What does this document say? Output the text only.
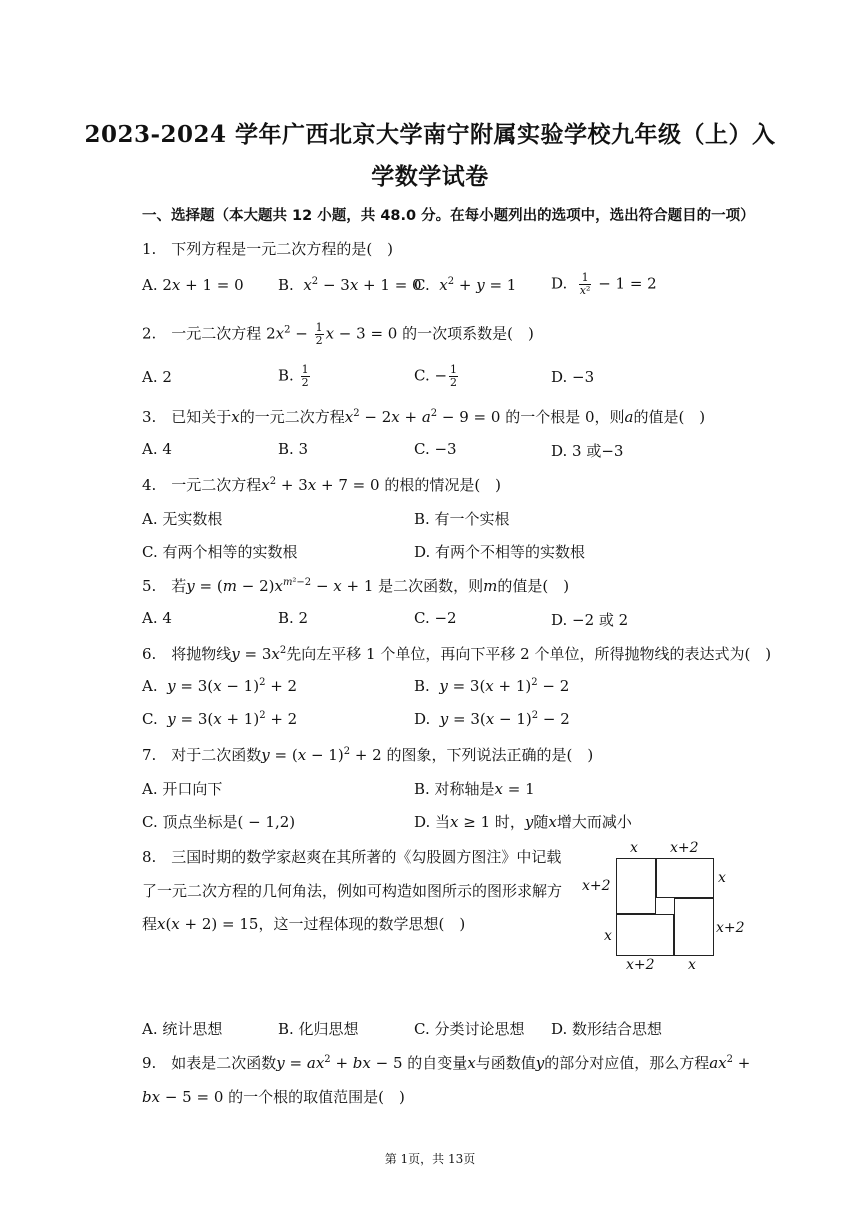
2023-2024 学年广西北京大学南宁附属实验学校九年级（上）入
学数学试卷
一、选择题（本大题共 12 小题，共 48.0 分。在每小题列出的选项中，选出符合题目的一项）
1.　下列方程是一元二次方程的是(　)
A. 2𝑥 + 1 = 0 B.  𝑥$^2$ − 3𝑥 + 1 = 0
C.  𝑥$^2$ + 𝑦 = 1 D. $\frac{1}{\text{𝑥²}} - 1 = 2$
2.　一元二次方程 2𝑥$^2$ − $\frac{1}{2}$ 𝑥 − 3 = 0 的一次项系数是(　)
A. 2	B. $\frac{1}{2}$	C. − $\frac{1}{2}$	D. −3
3.　已知关于𝑥的一元二次方程𝑥$^2$ − 2𝑥 + 𝑎$^2$ − 9 = 0 的一个根是 0，则𝑎的值是(　)
A. 4	B. 3	C. −3	D. 3 或−3
4.　一元二次方程𝑥$^2$ + 3𝑥 + 7 = 0 的根的情况是(　)
A. 无实数根	B. 有一个实根
C. 有两个相等的实数根	D. 有两个不相等的实数根
5.　若𝑦 = (𝑚 − 2)𝑥$^{𝑚^2-2}$ − 𝑥 + 1 是二次函数，则𝑚的值是(　)
A. 4	B. 2	C. −2	D. −2 或 2
6.　将抛物线𝑦 = 3𝑥$^2$先向左平移 1 个单位，再向下平移 2 个单位，所得抛物线的表达式为(　)
A.  𝑦 = 3(𝑥 − 1)$^2$ + 2	B.  𝑦 = 3(𝑥 + 1)$^2$ − 2
C.  𝑦 = 3(𝑥 + 1)$^2$ + 2	D.  𝑦 = 3(𝑥 − 1)$^2$ − 2
7.　对于二次函数𝑦 = (𝑥 − 1)$^2$ + 2 的图象，下列说法正确的是(　)
A. 开口向下	B. 对称轴是𝑥 = 1
C. 顶点坐标是( − 1,2)	D. 当𝑥 ≥ 1 时，𝑦随𝑥增大而减小
8.　三国时期的数学家赵爽在其所著的《勾股圆方图注》中记载
了一元二次方程的几何角法，例如可构造如图所示的图形求解方
程𝑥(𝑥 + 2) = 15，这一过程体现的数学思想(　)
x x+2
x+2	x
x	x+2
x+2 x
A. 统计思想	B. 化归思想	C. 分类讨论思想 D. 数形结合思想
9.　如表是二次函数𝑦 = 𝑎𝑥$^2$ + 𝑏𝑥 − 5 的自变量𝑥与函数值𝑦的部分对应值，那么方程𝑎𝑥$^2$ +
𝑏𝑥 − 5 = 0 的一个根的取值范围是(　)
第 1页，共 13页
